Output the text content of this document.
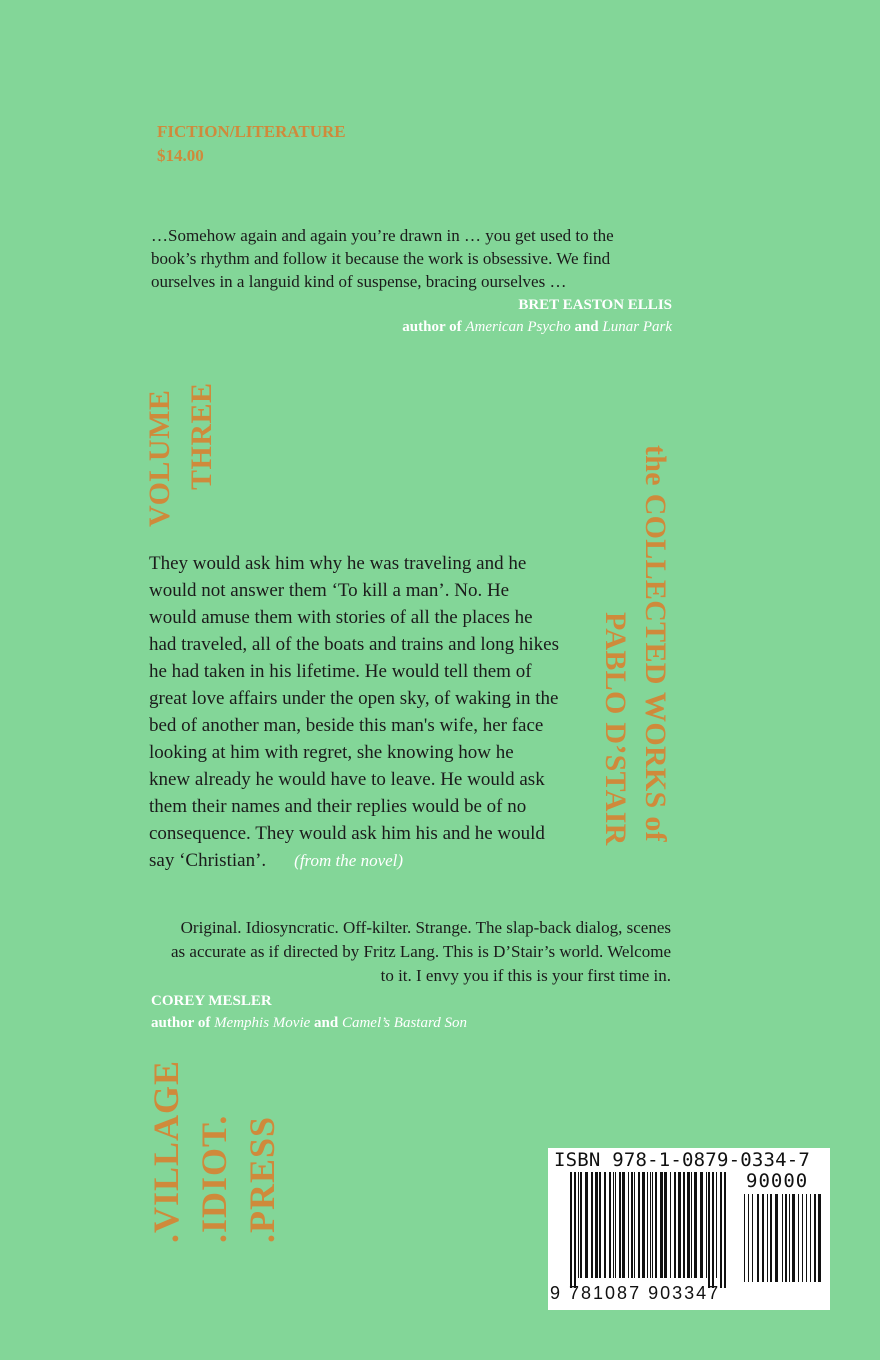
FICTION/LITERATURE
$14.00
…Somehow again and again you’re drawn in … you get used to the
book’s rhythm and follow it because the work is obsessive. We find
ourselves in a languid kind of suspense, bracing ourselves …
BRET EASTON ELLIS
author of American Psycho and Lunar Park
VOLUME THREE
They would ask him why he was traveling and he
would not answer them ‘To kill a man’. No. He
would amuse them with stories of all the places he
had traveled, all of the boats and trains and long hikes
he had taken in his lifetime. He would tell them of
great love affairs under the open sky, of waking in the
bed of another man, beside this man's wife, her face
looking at him with regret, she knowing how he
knew already he would have to leave. He would ask
them their names and their replies would be of no
consequence. They would ask him his and he would
say ‘Christian’. (from the novel)
the COLLECTED WORKS of
PABLO D’STAIR
Original. Idiosyncratic. Off-kilter. Strange. The slap-back dialog, scenes
as accurate as if directed by Fritz Lang. This is D’Stair’s world. Welcome
to it. I envy you if this is your first time in.
COREY MESLER
author of Memphis Movie and Camel’s Bastard Son
.VILLAGE .IDIOT. .PRESS	ISBN 978-1-0879-0334-7
90000
9 781087 903347
